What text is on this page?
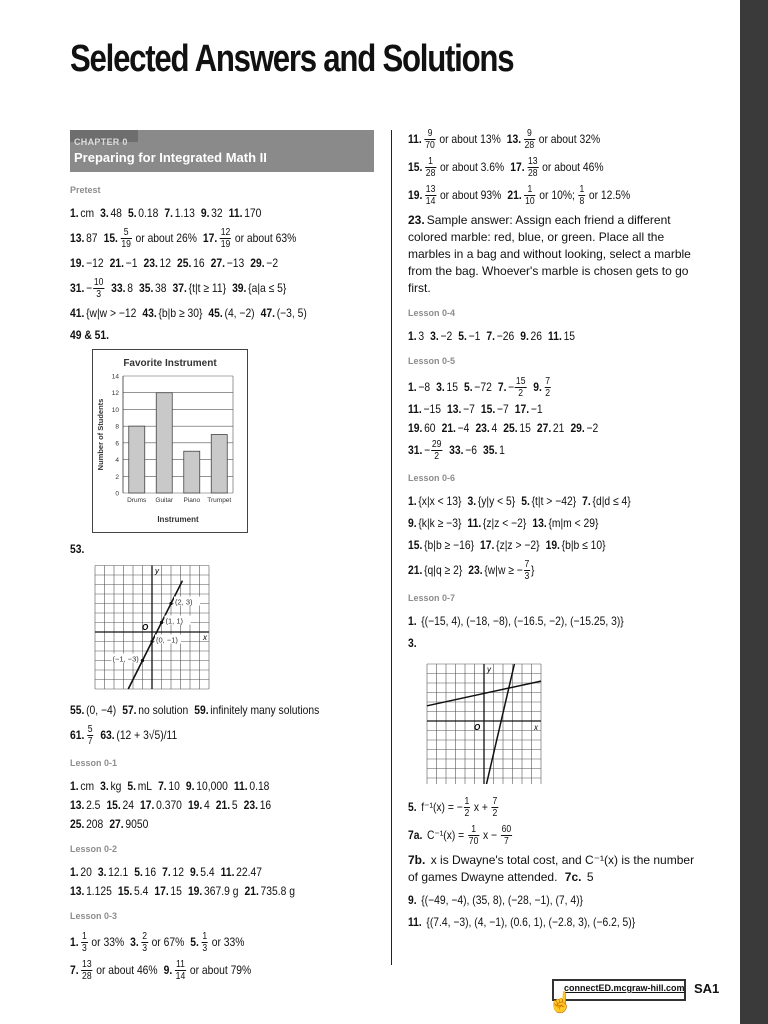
Selected Answers and Solutions
CHAPTER 0
Preparing for Integrated Math II
Pretest
1. cm 3. 48 5. 0.18 7. 1.13 9. 32 11. 170
13. 87 15. $\frac{5}{19}$ or about 26% 17. $\frac{12}{19}$ or about 63%
19. −12 21. −1 23. 12 25. 16 27. −13 29. −2
31. − $\frac{10}{3} 33$. 8 35. 38 37. {t|t ≥ 11} 39. {a|a ≤ 5}
41. {w|w > −12 43. {b|b ≥ 30} 45. (4, −2) 47. (−3, 5)
49 & 51.
Favorite Instrument
0
2
4
6
8
10
12
14
Drums Guitar Piano Trumpet
Instrument
Number of Students
53.
O
x
y
(2, 3)
(1, 1)
(0, −1)
(−1, −3)
55. (0, −4) 57. no solution 59. infinitely many solutions
61. $\frac{5}{7} 63$. (12 + 3√5)/11
Lesson 0-1
1. cm 3. kg 5. mL 7. 10 9. 10,000 11. 0.18
13. 2.5 15. 24 17. 0.370 19. 4 21. 5 23. 16
25. 208 27. 9050
Lesson 0-2
1. 20 3. 12.1 5. 16 7. 12 9. 5.4 11. 22.47
13. 1.125 15. 5.4 17. 15 19. 367.9 g 21. 735.8 g
Lesson 0-3
1. $\frac{1}{3}$ or 33% 3. $\frac{2}{3}$ or 67% 5. $\frac{1}{3}$ or 33%
7. $\frac{13}{28}$ or about 46% 9. $\frac{11}{14}$ or about 79%
11. $\frac{9}{70}$ or about 13% 13. $\frac{9}{28}$ or about 32%
15. $\frac{1}{28}$ or about 3.6% 17. $\frac{13}{28}$ or about 46%
19. $\frac{13}{14}$ or about 93% 21. $\frac{1}{10}$ or 10%; $\frac{1}{8}$ or 12.5%
23. Sample answer: Assign each friend a different colored marble: red, blue, or green. Place all the marbles in a bag and without looking, select a marble from the bag. Whoever's marble is chosen gets to go first.
Lesson 0-4
1. 3 3. −2 5. −1 7. −26 9. 26 11. 15
Lesson 0-5
1. −8 3. 15 5. −72 7. − $\frac{15}{2} 9$. $\frac{7}{2}$
11. −15 13. −7 15. −7 17. −1
19. 60 21. −4 23. 4 25. 15 27. 21 29. −2
31. − $\frac{29}{2} 33$. −6 35. 1
Lesson 0-6
1. {x|x < 13} 3. {y|y < 5} 5. {t|t > −42} 7. {d|d ≤ 4}
9. {k|k ≥ −3} 11. {z|z < −2} 13. {m|m < 29}
15. {b|b ≥ −16} 17. {z|z > −2} 19. {b|b ≤ 10}
21. {q|q ≥ 2} 23. {w|w ≥ − $\frac{7}{3}$ }
Lesson 0-7
1. {(−15, 4), (−18, −8), (−16.5, −2), (−15.25, 3)}
3.
O	x
y
5. f⁻¹(x) = − $\frac{1}{2}$ $x + \frac{7}{2}$
7a. $C^{-1}(x) = \frac{1}{70}$ $x - \frac{60}{7}$
7b. x is Dwayne's total cost, and C⁻¹(x) is the number of games Dwayne attended. 7c. 5
9. {(−49, −4), (35, 8), (−28, −1), (7, 4)}
11. {(7.4, −3), (4, −1), (0.6, 1), (−2.8, 3), (−6.2, 5)}
connectED.mcgraw-hill.com
☝
SA1
